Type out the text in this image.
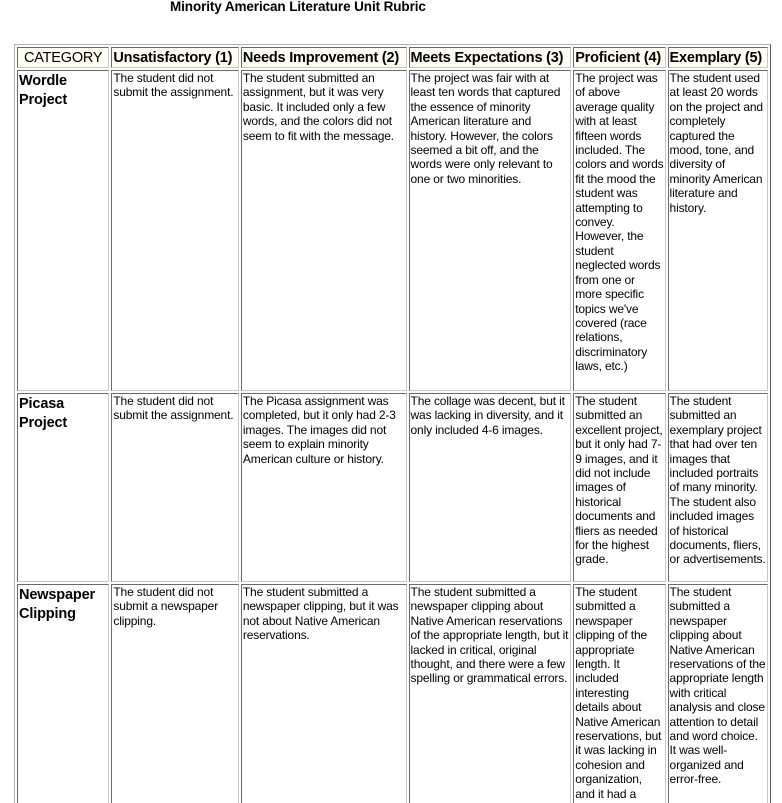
Minority American Literature Unit Rubric
CATEGORY	Unsatisfactory (1)	Needs Improvement (2)	Meets Expectations (3)	Proficient (4)	Exemplary (5)
Wordle Project	The student did not submit the assignment.	The student submitted an assignment, but it was very basic. It included only a few words, and the colors did not seem to fit with the message.	The project was fair with at least ten words that captured the essence of minority American literature and history. However, the colors seemed a bit off, and the words were only relevant to one or two minorities.	The project was of above average quality with at least fifteen words included. The colors and words fit the mood the student was attempting to convey. However, the student neglected words from one or more specific topics we've covered (race relations, discriminatory laws, etc.)	The student used at least 20 words on the project and completely captured the mood, tone, and diversity of minority American literature and history.
Picasa Project	The student did not submit the assignment.	The Picasa assignment was completed, but it only had 2-3 images. The images did not seem to explain minority American culture or history.	The collage was decent, but it was lacking in diversity, and it only included 4-6 images.	The student submitted an excellent project, but it only had 7-9 images, and it did not include images of historical documents and fliers as needed for the highest grade.	The student submitted an exemplary project that had over ten images that included portraits of many minority. The student also included images of historical documents, fliers, or advertisements.
Newspaper Clipping	The student did not submit a newspaper clipping.	The student submitted a newspaper clipping, but it was not about Native American reservations.	The student submitted a newspaper clipping about Native American reservations of the appropriate length, but it lacked in critical, original thought, and there were a few spelling or grammatical errors.	The student submitted a newspaper clipping of the appropriate length. It included interesting details about Native American reservations, but it was lacking in cohesion and organization, and it had a	The student submitted a newspaper clipping about Native American reservations of the appropriate length with critical analysis and close attention to detail and word choice. It was well-organized and error-free.
